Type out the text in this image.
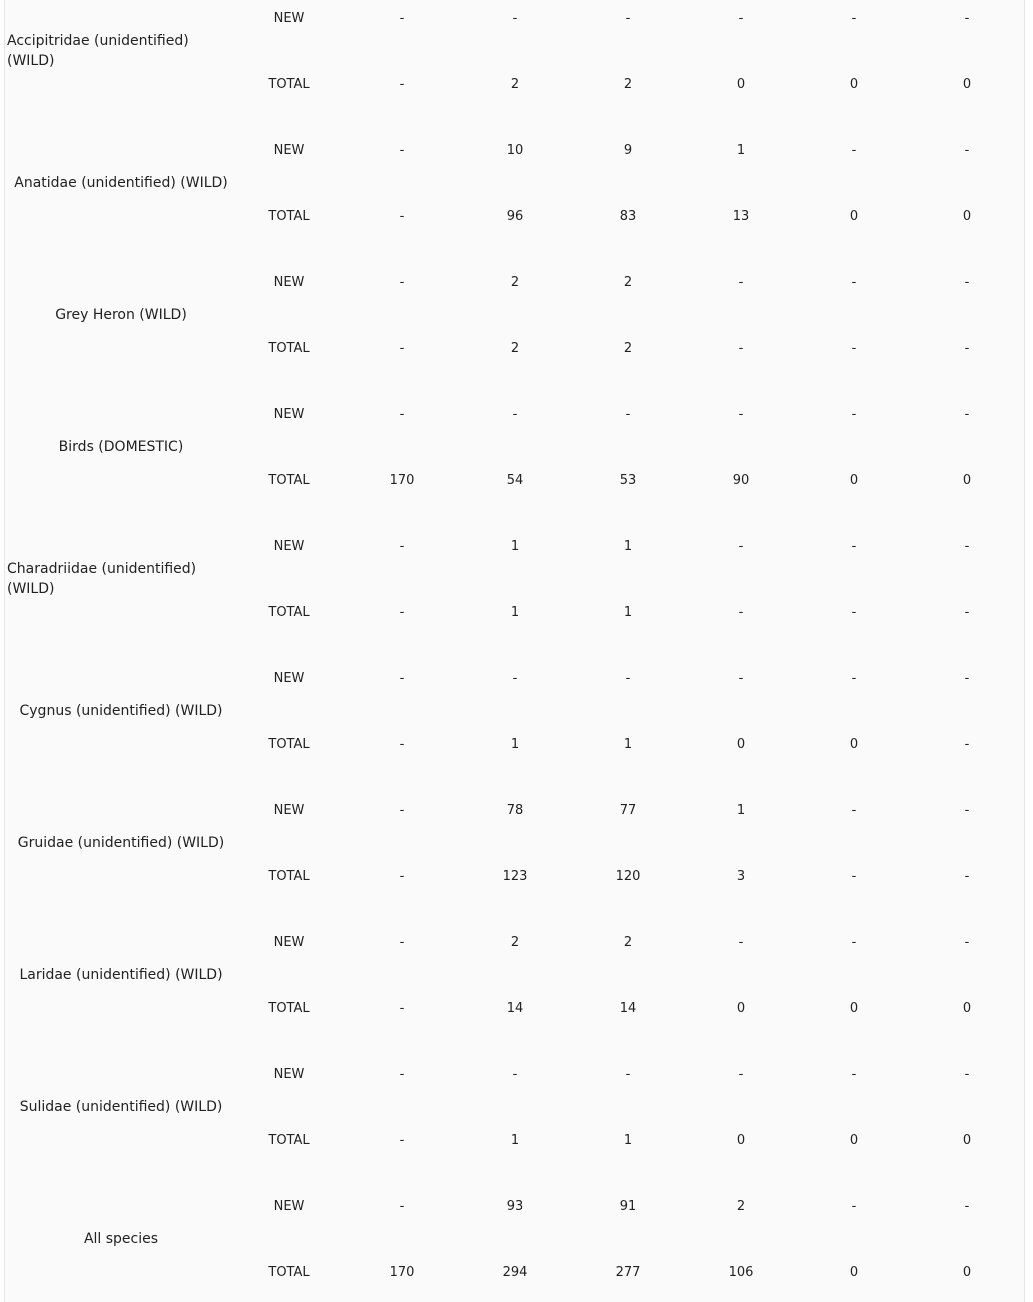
Accipitridae (unidentified) (WILD)
NEW	-	-	-	-	-	-
TOTAL	-	2	2	0	0	0
Anatidae (unidentified) (WILD)
NEW	-	10	9	1	-	-
TOTAL	-	96	83	13	0	0
Grey Heron (WILD)
NEW	-	2	2	-	-	-
TOTAL	-	2	2	-	-	-
Birds (DOMESTIC)
NEW	-	-	-	-	-	-
TOTAL	170	54	53	90	0	0
Charadriidae (unidentified) (WILD)
NEW	-	1	1	-	-	-
TOTAL	-	1	1	-	-	-
Cygnus (unidentified) (WILD)
NEW	-	-	-	-	-	-
TOTAL	-	1	1	0	0	-
Gruidae (unidentified) (WILD)
NEW	-	78	77	1	-	-
TOTAL	-	123	120	3	-	-
Laridae (unidentified) (WILD)
NEW	-	2	2	-	-	-
TOTAL	-	14	14	0	0	0
Sulidae (unidentified) (WILD)
NEW	-	-	-	-	-	-
TOTAL	-	1	1	0	0	0
All species
NEW	-	93	91	2	-	-
TOTAL	170	294	277	106	0	0
